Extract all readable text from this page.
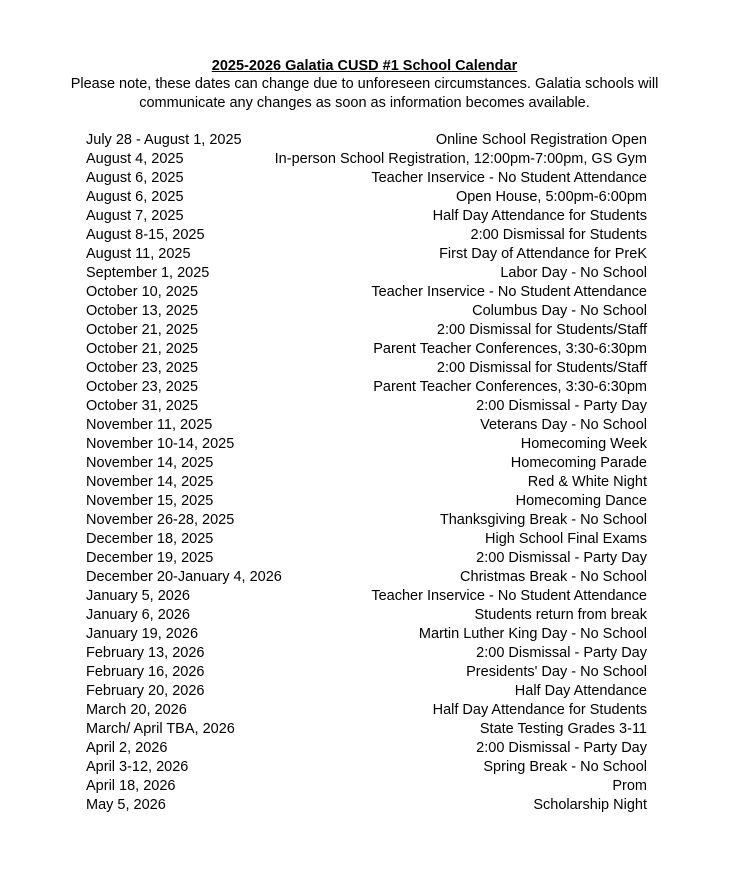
2025-2026 Galatia CUSD #1 School Calendar
Please note, these dates can change due to unforeseen circumstances. Galatia schools will communicate any changes as soon as information becomes available.
July 28 - August 1, 2025	Online School Registration Open
August 4, 2025	In-person School Registration, 12:00pm-7:00pm, GS Gym
August 6, 2025	Teacher Inservice - No Student Attendance
August 6, 2025	Open House, 5:00pm-6:00pm
August 7, 2025	Half Day Attendance for Students
August 8-15, 2025	2:00 Dismissal for Students
August 11, 2025	First Day of Attendance for PreK
September 1, 2025	Labor Day - No School
October 10, 2025	Teacher Inservice - No Student Attendance
October 13, 2025	Columbus Day - No School
October 21, 2025	2:00 Dismissal for Students/Staff
October 21, 2025	Parent Teacher Conferences, 3:30-6:30pm
October 23, 2025	2:00 Dismissal for Students/Staff
October 23, 2025	Parent Teacher Conferences, 3:30-6:30pm
October 31, 2025	2:00 Dismissal - Party Day
November 11, 2025	Veterans Day - No School
November 10-14, 2025	Homecoming Week
November 14, 2025	Homecoming Parade
November 14, 2025	Red & White Night
November 15, 2025	Homecoming Dance
November 26-28, 2025	Thanksgiving Break - No School
December 18, 2025	High School Final Exams
December 19, 2025	2:00 Dismissal - Party Day
December 20-January 4, 2026	Christmas Break - No School
January 5, 2026	Teacher Inservice - No Student Attendance
January 6, 2026	Students return from break
January 19, 2026	Martin Luther King Day - No School
February 13, 2026	2:00 Dismissal - Party Day
February 16, 2026	Presidents' Day - No School
February 20, 2026	Half Day Attendance
March 20, 2026	Half Day Attendance for Students
March/ April TBA, 2026	State Testing Grades 3-11
April 2, 2026	2:00 Dismissal - Party Day
April 3-12, 2026	Spring Break - No School
April 18, 2026	Prom
May 5, 2026	Scholarship Night
